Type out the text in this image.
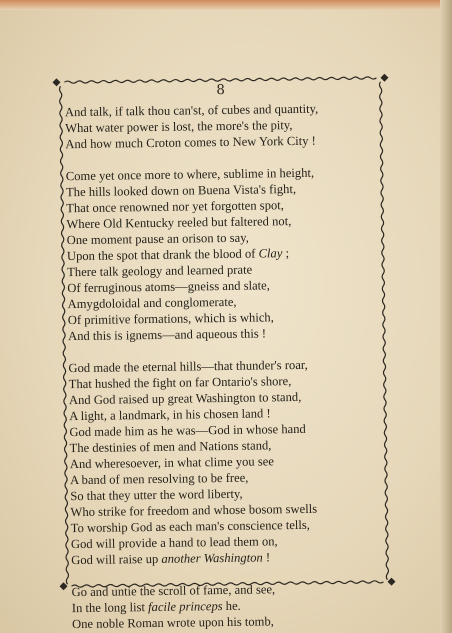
8
And talk, if talk thou can'st, of cubes and quantity,
What water power is lost, the more's the pity,
And how much Croton comes to New York City !
Come yet once more to where, sublime in height,
The hills looked down on Buena Vista's fight,
That once renowned nor yet forgotten spot,
Where Old Kentucky reeled but faltered not,
One moment pause an orison to say,
Upon the spot that drank the blood of Clay ;
There talk geology and learned prate
Of ferruginous atoms—gneiss and slate,
Amygdoloidal and conglomerate,
Of primitive formations, which is which,
And this is ignems—and aqueous this !
God made the eternal hills—that thunder's roar,
That hushed the fight on far Ontario's shore,
And God raised up great Washington to stand,
A light, a landmark, in his chosen land !
God made him as he was—God in whose hand
The destinies of men and Nations stand,
And wheresoever, in what clime you see
A band of men resolving to be free,
So that they utter the word liberty,
Who strike for freedom and whose bosom swells
To worship God as each man's conscience tells,
God will provide a hand to lead them on,
God will raise up another Washington !
Go and untie the scroll of fame, and see,
In the long list facile princeps he.
One noble Roman wrote upon his tomb,
